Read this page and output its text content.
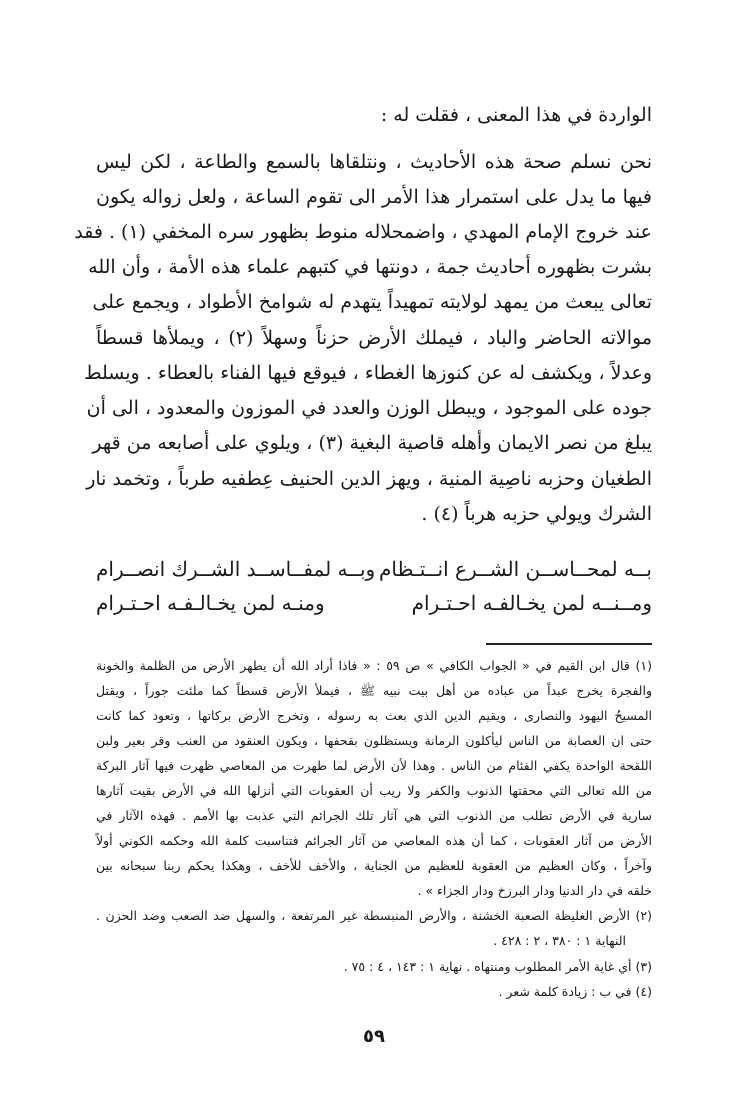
الواردة في هذا المعنى ، فقلت له :
نحن نسلم صحة هذه الأحاديث ، ونتلقاها بالسمع والطاعة ، لكن ليس
فيها ما يدل على استمرار هذا الأمر الى تقوم الساعة ، ولعل زواله يكون
عند خروج الإمام المهدي ، واضمحلاله منوط بظهور سره المخفي (١) . فقد
بشرت بظهوره أحاديث جمة ، دونتها في كتبهم علماء هذه الأمة ، وأن الله
تعالى يبعث من يمهد لولايته تمهيداً يتهدم له شوامخ الأطواد ، ويجمع على
موالاته الحاضر والباد ، فيملك الأرض حزناً وسهلاً (٢) ، ويملأها قسطاً
وعدلاً ، ويكشف له عن كنوزها الغطاء ، فيوقع فيها الفناء بالعطاء . ويسلط
جوده على الموجود ، ويبطل الوزن والعدد في الموزون والمعدود ، الى أن
يبلغ من نصر الايمان وأهله قاصية البغية (٣) ، ويلوي على أصابعه من قهر
الطغيان وحزبه ناصِية المنية ، ويهز الدين الحنيف عِطفيه طرباً ، وتخمد نار
الشرك ويولي حزبه هرباً (٤) .
بــه لمحــاســن الشــرع انــتـظام
وبــه لمفــاســد الشــرك انصــرام
ومــنــه لمن يخـالفـه احـتـرام
ومنـه لمن يخـالـفـه احـتـرام
(١) قال ابن القيم في « الجواب الكافي » ص ٥٩ : « فاذا أراد الله أن يطهر الأرض من الظلمة والخونة
والفجرة يخرج عبداً من عباده من أهل بيت نبيه ﷺ ، فيملأ الأرض قسطاً كما ملئت جوراً ، ويقتل
المسيحُ اليهود والنصارى ، ويقيم الدين الذي بعث به رسوله ، وتخرج الأرض بركاتها ، وتعود كما كانت
حتى ان العصابة من الناس ليأكلون الرمانة ويستظلون بقحفها ، ويكون العنقود من العنب وقر بعير ولبن
اللقحة الواحدة يكفي الفئام من الناس . وهذا لأن الأرض لما طهرت من المعاصي ظهرت فيها آثار البركة
من الله تعالى التي محقتها الذنوب والكفر ولا ريب أن العقوبات التي أنزلها الله في الأرض بقيت آثارها
سارية في الأرض تطلب من الذنوب التي هي آثار تلك الجرائم التي عذبت بها الأمم . فهذه الآثار في
الأرض من آثار العقوبات ، كما أن هذه المعاصي من آثار الجرائم فتناسبت كلمة الله وحكمه الكوني أولاً
وآخراً ، وكان العظيم من العقوبة للعظيم من الجناية ، والأخف للأخف ، وهكذا يحكم ربنا سبحانه بين
خلقه في دار الدنيا ودار البرزخ ودار الجزاء » .
(٢) الأرض الغليظة الصعبة الخشنة ، والأرض المنبسطة غير المرتفعة ، والسهل ضد الصعب وضد الحزن .
النهاية ١ : ٣٨٠ ، ٢ : ٤٢٨ .
(٣) أي غاية الأمر المطلوب ومنتهاه . نهاية ١ : ١٤٣ ، ٤ : ٧٥ .
(٤) في ب : زيادة كلمة شعر .
٥٩
